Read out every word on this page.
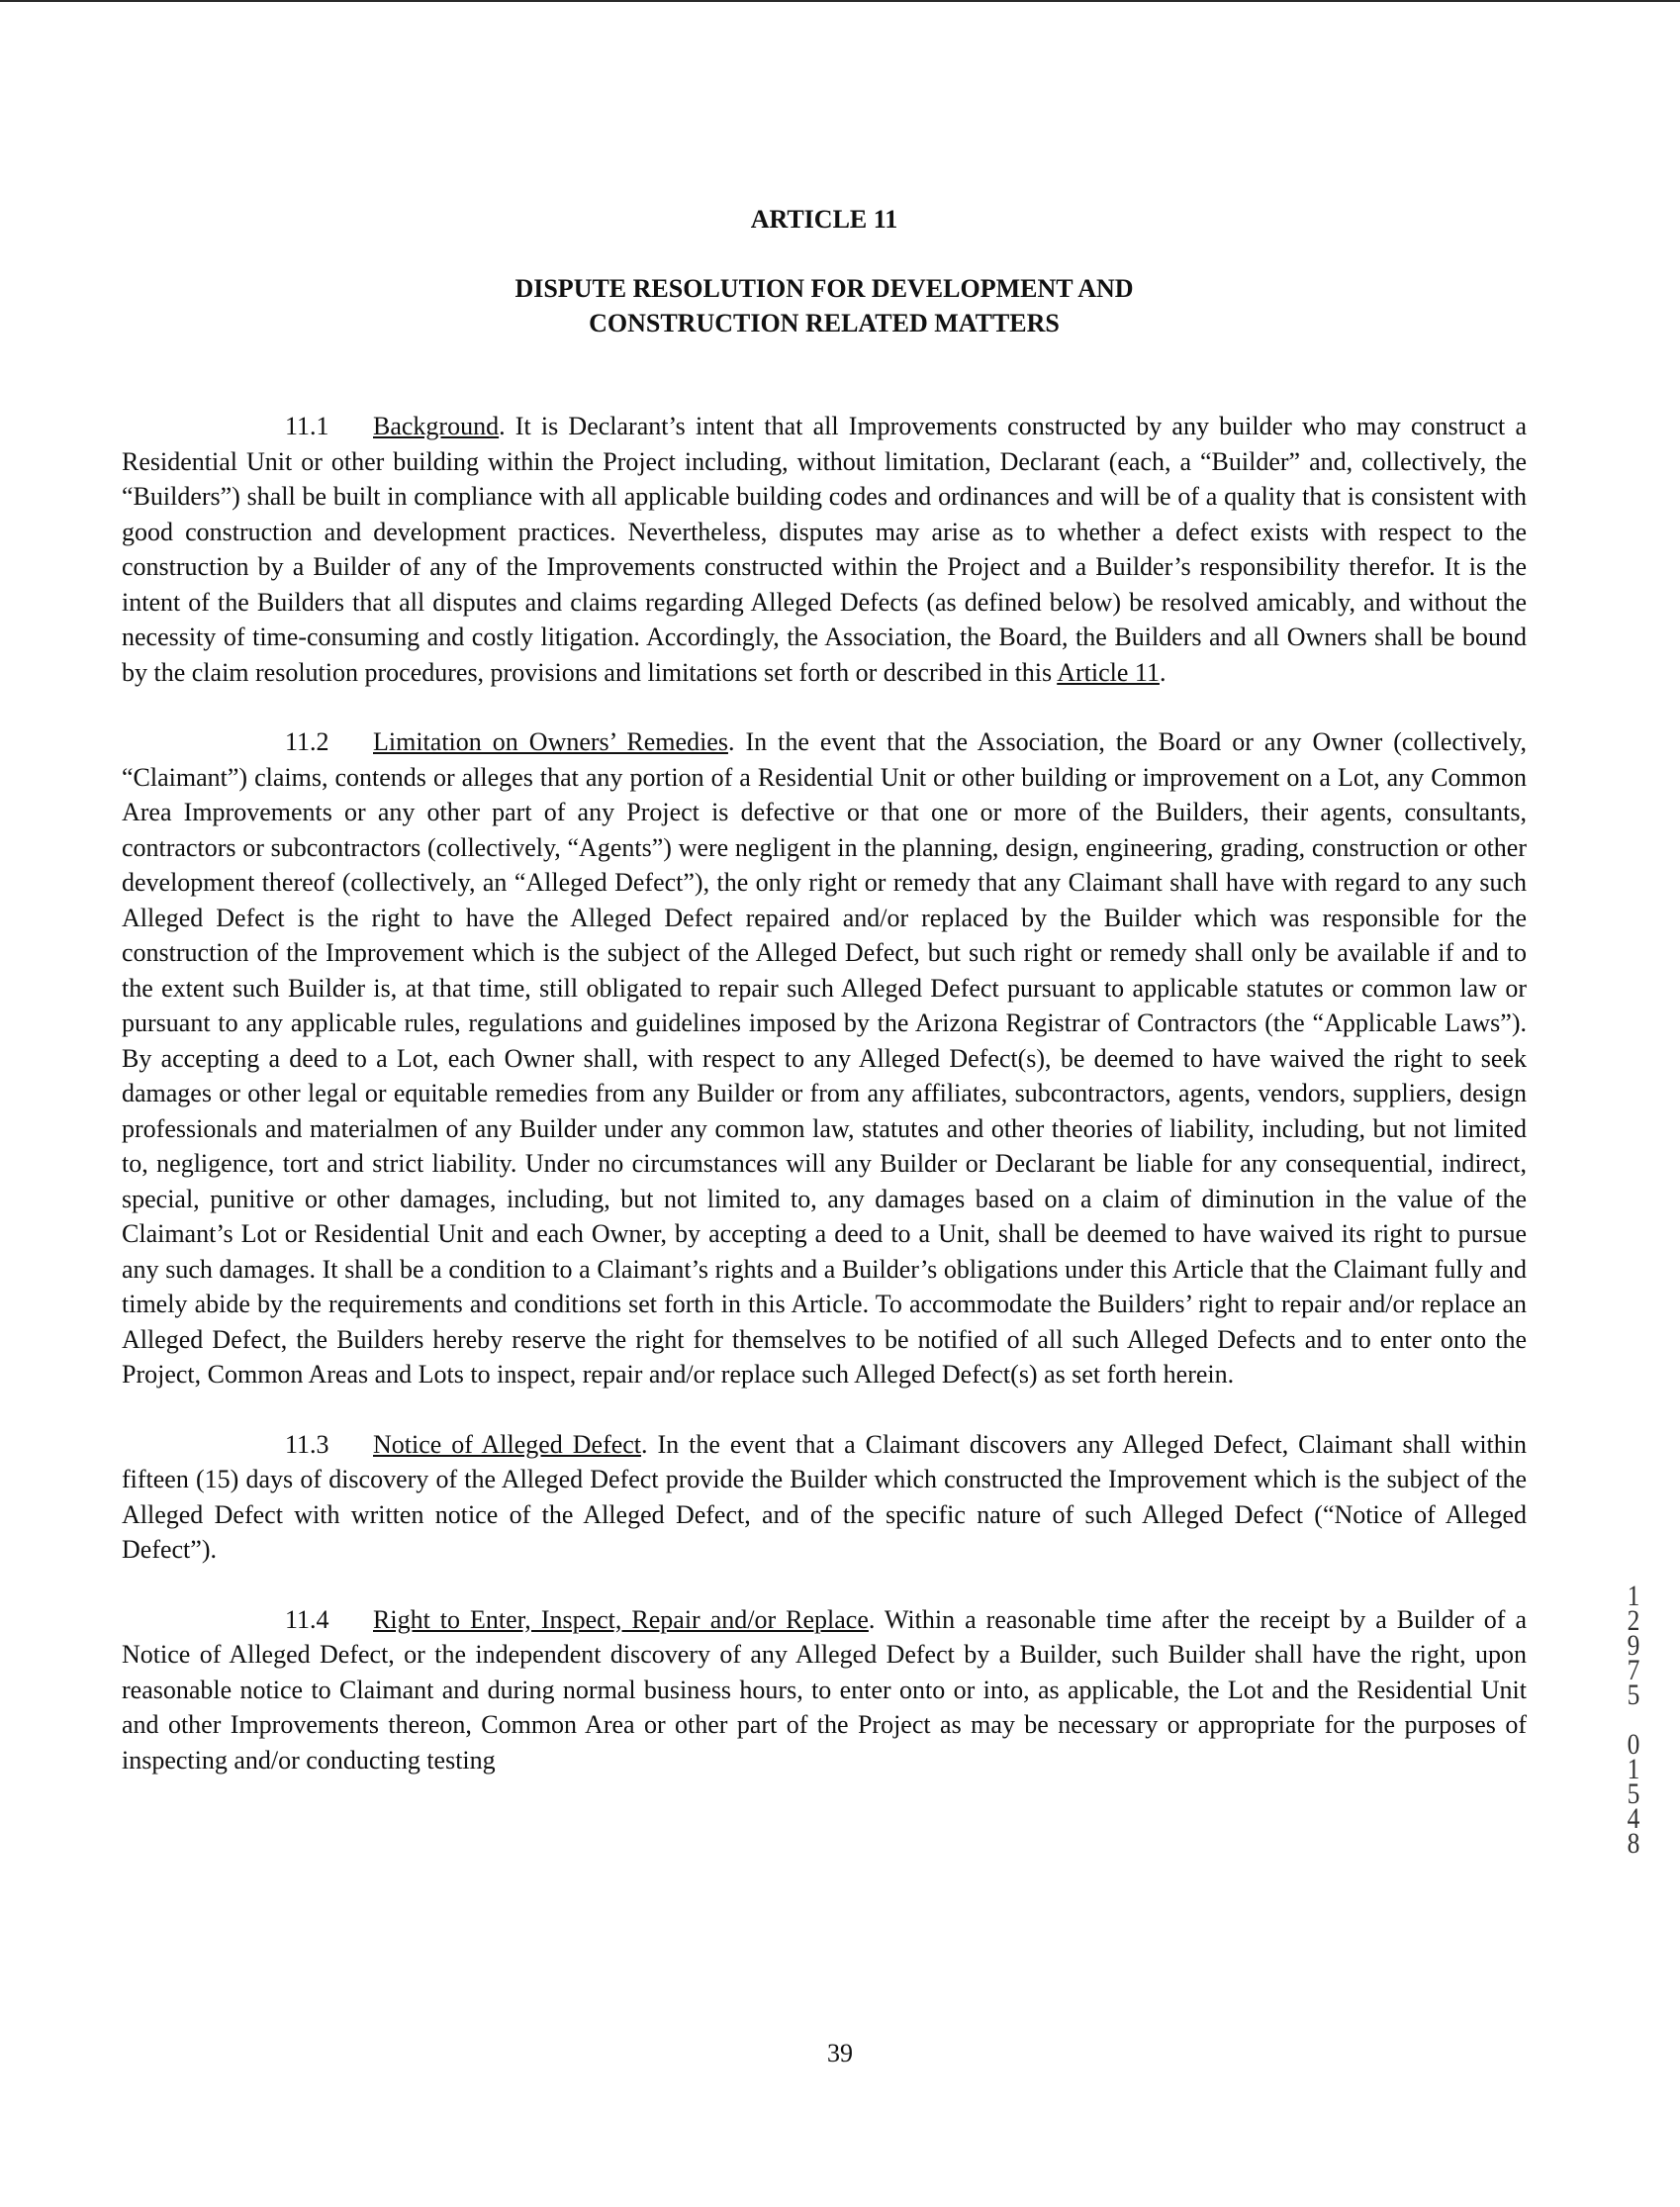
ARTICLE 11
DISPUTE RESOLUTION FOR DEVELOPMENT AND
CONSTRUCTION RELATED MATTERS

11.1 Background. It is Declarant’s intent that all Improvements constructed by any builder who may construct a Residential Unit or other building within the Project including, without limitation, Declarant (each, a “Builder” and, collectively, the “Builders”) shall be built in compliance with all applicable building codes and ordinances and will be of a quality that is consistent with good construction and development practices. Nevertheless, disputes may arise as to whether a defect exists with respect to the construction by a Builder of any of the Improvements constructed within the Project and a Builder’s responsibility therefor. It is the intent of the Builders that all disputes and claims regarding Alleged Defects (as defined below) be resolved amicably, and without the necessity of time-consuming and costly litigation. Accordingly, the Association, the Board, the Builders and all Owners shall be bound by the claim resolution procedures, provisions and limitations set forth or described in this Article 11.

11.2 Limitation on Owners’ Remedies. In the event that the Association, the Board or any Owner (collectively, “Claimant”) claims, contends or alleges that any portion of a Residential Unit or other building or improvement on a Lot, any Common Area Improvements or any other part of any Project is defective or that one or more of the Builders, their agents, consultants, contractors or subcontractors (collectively, “Agents”) were negligent in the planning, design, engineering, grading, construction or other development thereof (collectively, an “Alleged Defect”), the only right or remedy that any Claimant shall have with regard to any such Alleged Defect is the right to have the Alleged Defect repaired and/or replaced by the Builder which was responsible for the construction of the Improvement which is the subject of the Alleged Defect, but such right or remedy shall only be available if and to the extent such Builder is, at that time, still obligated to repair such Alleged Defect pursuant to applicable statutes or common law or pursuant to any applicable rules, regulations and guidelines imposed by the Arizona Registrar of Contractors (the “Applicable Laws”). By accepting a deed to a Lot, each Owner shall, with respect to any Alleged Defect(s), be deemed to have waived the right to seek damages or other legal or equitable remedies from any Builder or from any affiliates, subcontractors, agents, vendors, suppliers, design professionals and materialmen of any Builder under any common law, statutes and other theories of liability, including, but not limited to, negligence, tort and strict liability. Under no circumstances will any Builder or Declarant be liable for any consequential, indirect, special, punitive or other damages, including, but not limited to, any damages based on a claim of diminution in the value of the Claimant’s Lot or Residential Unit and each Owner, by accepting a deed to a Unit, shall be deemed to have waived its right to pursue any such damages. It shall be a condition to a Claimant’s rights and a Builder’s obligations under this Article that the Claimant fully and timely abide by the requirements and conditions set forth in this Article. To accommodate the Builders’ right to repair and/or replace an Alleged Defect, the Builders hereby reserve the right for themselves to be notified of all such Alleged Defects and to enter onto the Project, Common Areas and Lots to inspect, repair and/or replace such Alleged Defect(s) as set forth herein.

11.3 Notice of Alleged Defect. In the event that a Claimant discovers any Alleged Defect, Claimant shall within fifteen (15) days of discovery of the Alleged Defect provide the Builder which constructed the Improvement which is the subject of the Alleged Defect with written notice of the Alleged Defect, and of the specific nature of such Alleged Defect (“Notice of Alleged Defect”).

11.4 Right to Enter, Inspect, Repair and/or Replace. Within a reasonable time after the receipt by a Builder of a Notice of Alleged Defect, or the independent discovery of any Alleged Defect by a Builder, such Builder shall have the right, upon reasonable notice to Claimant and during normal business hours, to enter onto or into, as applicable, the Lot and the Residential Unit and other Improvements thereon, Common Area or other part of the Project as may be necessary or appropriate for the purposes of inspecting and/or conducting testing

39
1
2
9
7
5
0
1
5
4
8
